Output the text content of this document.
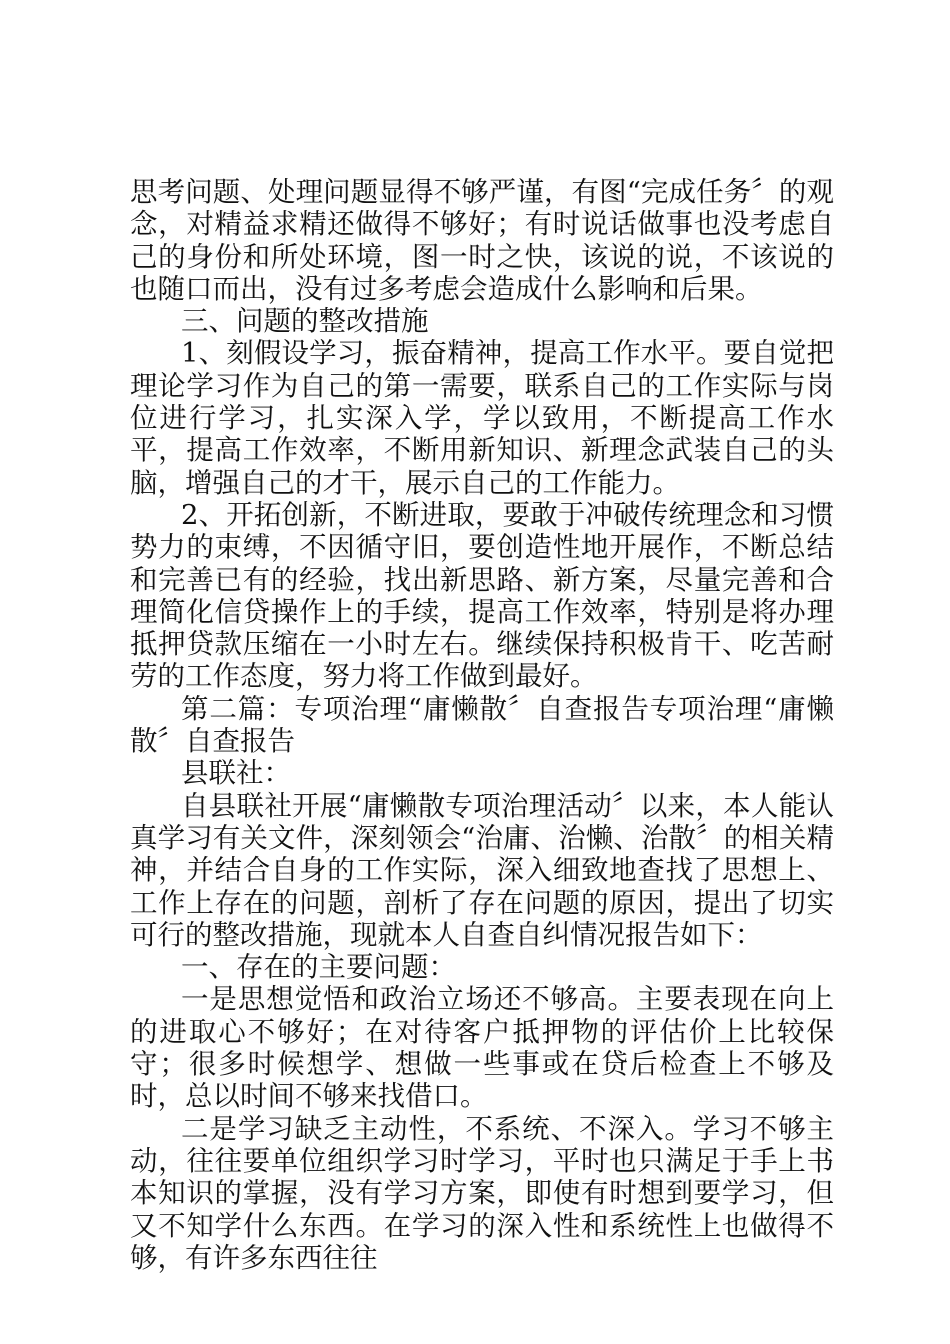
思考问题、处理问题显得不够严谨，有图“完成任务〞的观念，对精益求精还做得不够好；有时说话做事也没考虑自己的身份和所处环境，图一时之快，该说的说，不该说的也随口而出，没有过多考虑会造成什么影响和后果。

三、问题的整改措施

1、刻假设学习，振奋精神，提高工作水平。要自觉把理论学习作为自己的第一需要，联系自己的工作实际与岗位进行学习，扎实深入学，学以致用，不断提高工作水平，提高工作效率，不断用新知识、新理念武装自己的头脑，增强自己的才干，展示自己的工作能力。

2、开拓创新，不断进取，要敢于冲破传统理念和习惯势力的束缚，不因循守旧，要创造性地开展作，不断总结和完善已有的经验，找出新思路、新方案，尽量完善和合理简化信贷操作上的手续，提高工作效率，特别是将办理抵押贷款压缩在一小时左右。继续保持积极肯干、吃苦耐劳的工作态度，努力将工作做到最好。

第二篇：专项治理“庸懒散〞自查报告专项治理“庸懒散〞自查报告

县联社：

自县联社开展“庸懒散专项治理活动〞以来，本人能认真学习有关文件，深刻领会“治庸、治懒、治散〞的相关精神，并结合自身的工作实际，深入细致地查找了思想上、工作上存在的问题，剖析了存在问题的原因，提出了切实可行的整改措施，现就本人自查自纠情况报告如下：

一、存在的主要问题：

一是思想觉悟和政治立场还不够高。主要表现在向上的进取心不够好；在对待客户抵押物的评估价上比较保守；很多时候想学、想做一些事或在贷后检查上不够及时，总以时间不够来找借口。

二是学习缺乏主动性，不系统、不深入。学习不够主动，往往要单位组织学习时学习，平时也只满足于手上书本知识的掌握，没有学习方案，即使有时想到要学习，但又不知学什么东西。在学习的深入性和系统性上也做得不够，有许多东西往往
